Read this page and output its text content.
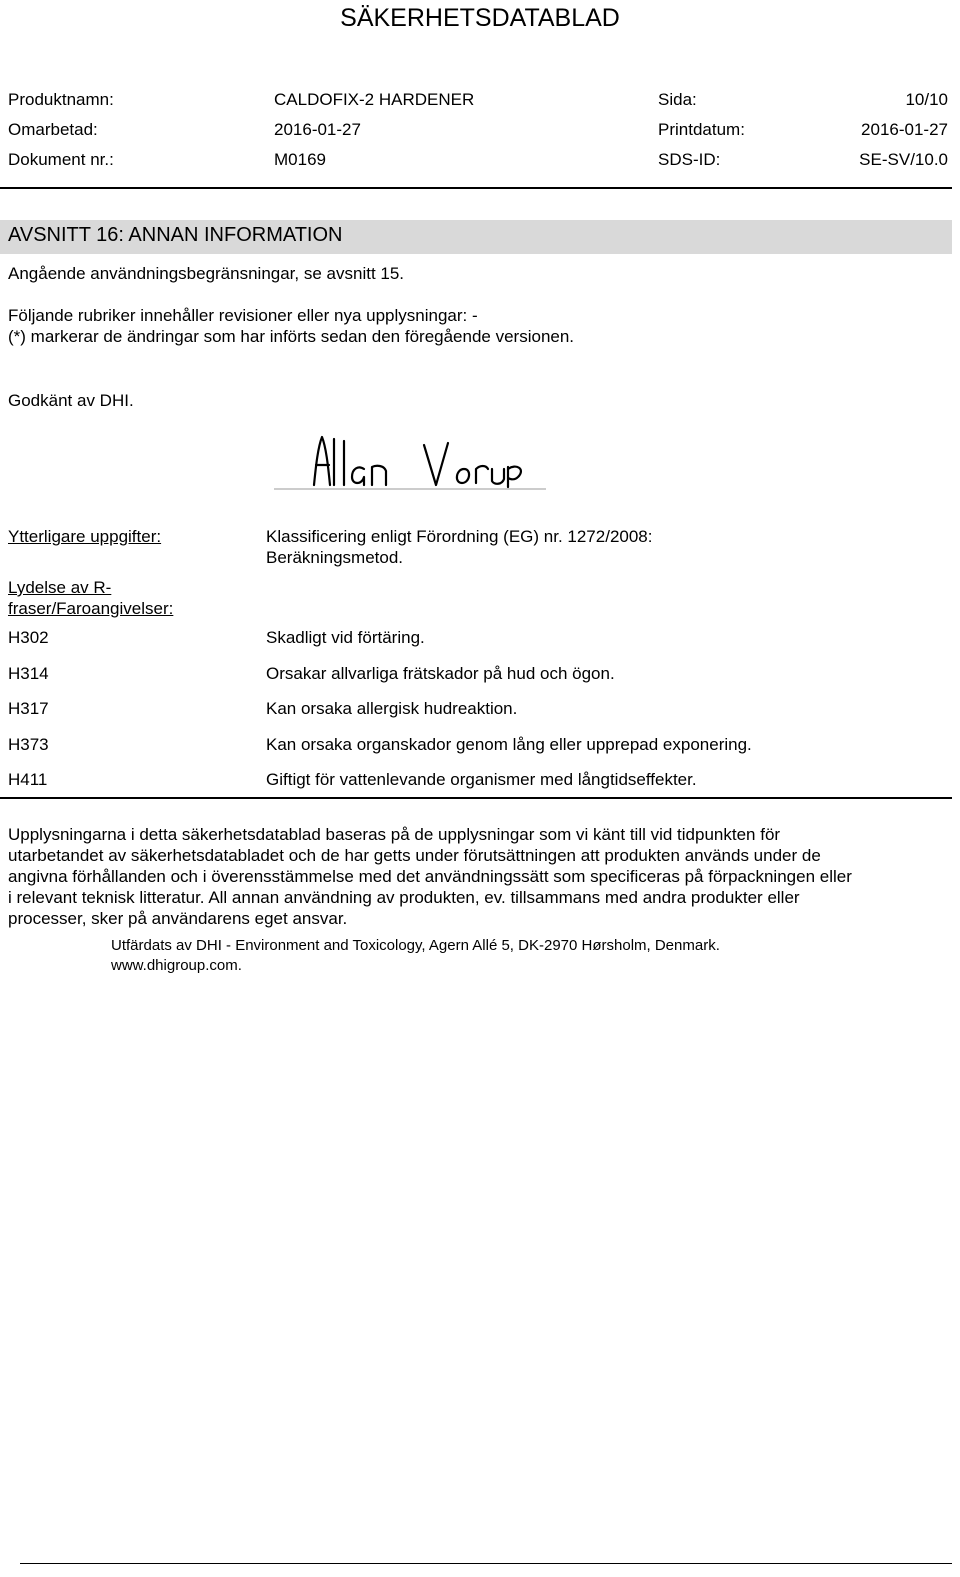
SÄKERHETSDATABLAD
Produktnamn:	CALDOFIX-2 HARDENER	Sida:	10/10
Omarbetad:	2016-01-27	Printdatum:	2016-01-27
Dokument nr.:	M0169	SDS-ID:	SE-SV/10.0
AVSNITT 16: ANNAN INFORMATION

Angående användningsbegränsningar, se avsnitt 15.

Följande rubriker innehåller revisioner eller nya upplysningar: -

(*) markerar de ändringar som har införts sedan den föregående versionen.

Godkänt av DHI.

Ytterligare uppgifter:	Klassificering enligt Förordning (EG) nr. 1272/2008:

Beräkningsmetod.

Lydelse av R-

fraser/Faroangivelser:

H302	Skadligt vid förtäring.
H314	Orsakar allvarliga frätskador på hud och ögon.
H317	Kan orsaka allergisk hudreaktion.
H373	Kan orsaka organskador genom lång eller upprepad exponering.
H411	Giftigt för vattenlevande organismer med långtidseffekter.

Upplysningarna i detta säkerhetsdatablad baseras på de upplysningar som vi känt till vid tidpunkten för

utarbetandet av säkerhetsdatabladet och de har getts under förutsättningen att produkten används under de

angivna förhållanden och i överensstämmelse med det användningssätt som specificeras på förpackningen eller

i relevant teknisk litteratur. All annan användning av produkten, ev. tillsammans med andra produkter eller

processer, sker på användarens eget ansvar.

Utfärdats av DHI - Environment and Toxicology, Agern Allé 5, DK-2970 Hørsholm, Denmark.

www.dhigroup.com.
